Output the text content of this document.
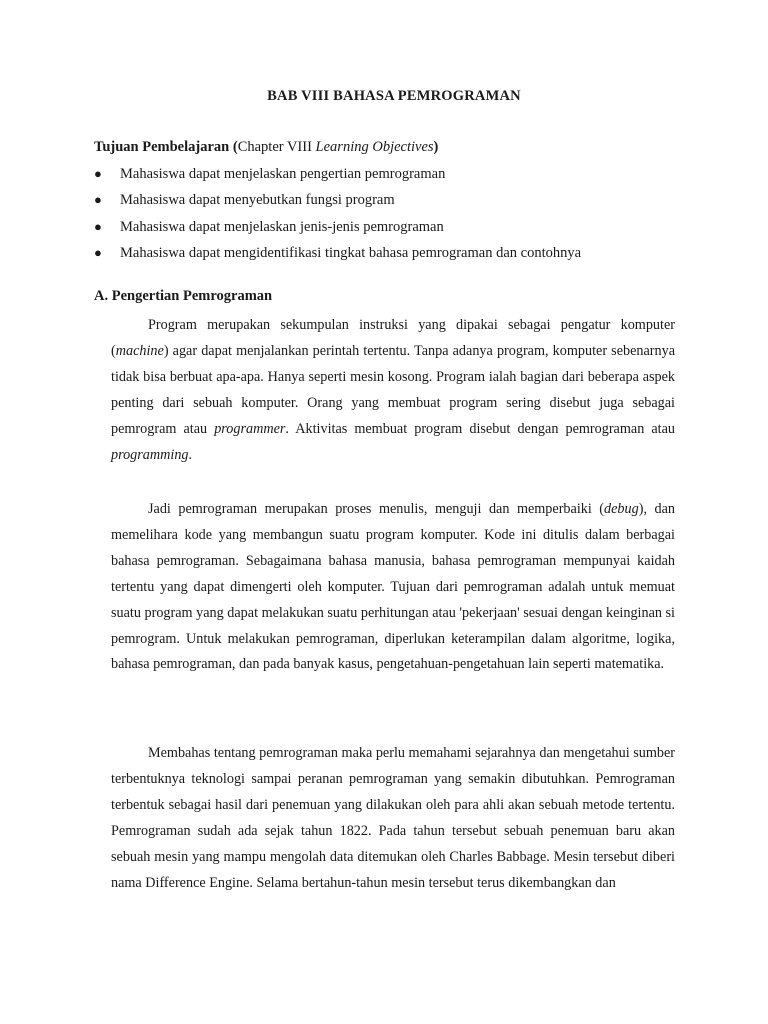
BAB VIII BAHASA PEMROGRAMAN
Tujuan Pembelajaran (Chapter VIII Learning Objectives)
●	Mahasiswa dapat menjelaskan pengertian pemrograman
●	Mahasiswa dapat menyebutkan fungsi program
●	Mahasiswa dapat menjelaskan jenis-jenis pemrograman
●	Mahasiswa dapat mengidentifikasi tingkat bahasa pemrograman dan contohnya
A. Pengertian Pemrograman

Program merupakan sekumpulan instruksi yang dipakai sebagai pengatur komputer (machine) agar dapat menjalankan perintah tertentu. Tanpa adanya program, komputer sebenarnya tidak bisa berbuat apa-apa. Hanya seperti mesin kosong. Program ialah bagian dari beberapa aspek penting dari sebuah komputer. Orang yang membuat program sering disebut juga sebagai pemrogram atau programmer. Aktivitas membuat program disebut dengan pemrograman atau programming.

Jadi pemrograman merupakan proses menulis, menguji dan memperbaiki (debug), dan memelihara kode yang membangun suatu program komputer. Kode ini ditulis dalam berbagai bahasa pemrograman. Sebagaimana bahasa manusia, bahasa pemrograman mempunyai kaidah tertentu yang dapat dimengerti oleh komputer. Tujuan dari pemrograman adalah untuk memuat suatu program yang dapat melakukan suatu perhitungan atau 'pekerjaan' sesuai dengan keinginan si pemrogram. Untuk melakukan pemrograman, diperlukan keterampilan dalam algoritme, logika, bahasa pemrograman, dan pada banyak kasus, pengetahuan-pengetahuan lain seperti matematika.

Membahas tentang pemrograman maka perlu memahami sejarahnya dan mengetahui sumber terbentuknya teknologi sampai peranan pemrograman yang semakin dibutuhkan. Pemrograman terbentuk sebagai hasil dari penemuan yang dilakukan oleh para ahli akan sebuah metode tertentu. Pemrograman sudah ada sejak tahun 1822. Pada tahun tersebut sebuah penemuan baru akan sebuah mesin yang mampu mengolah data ditemukan oleh Charles Babbage. Mesin tersebut diberi nama Difference Engine. Selama bertahun-tahun mesin tersebut terus dikembangkan dan
